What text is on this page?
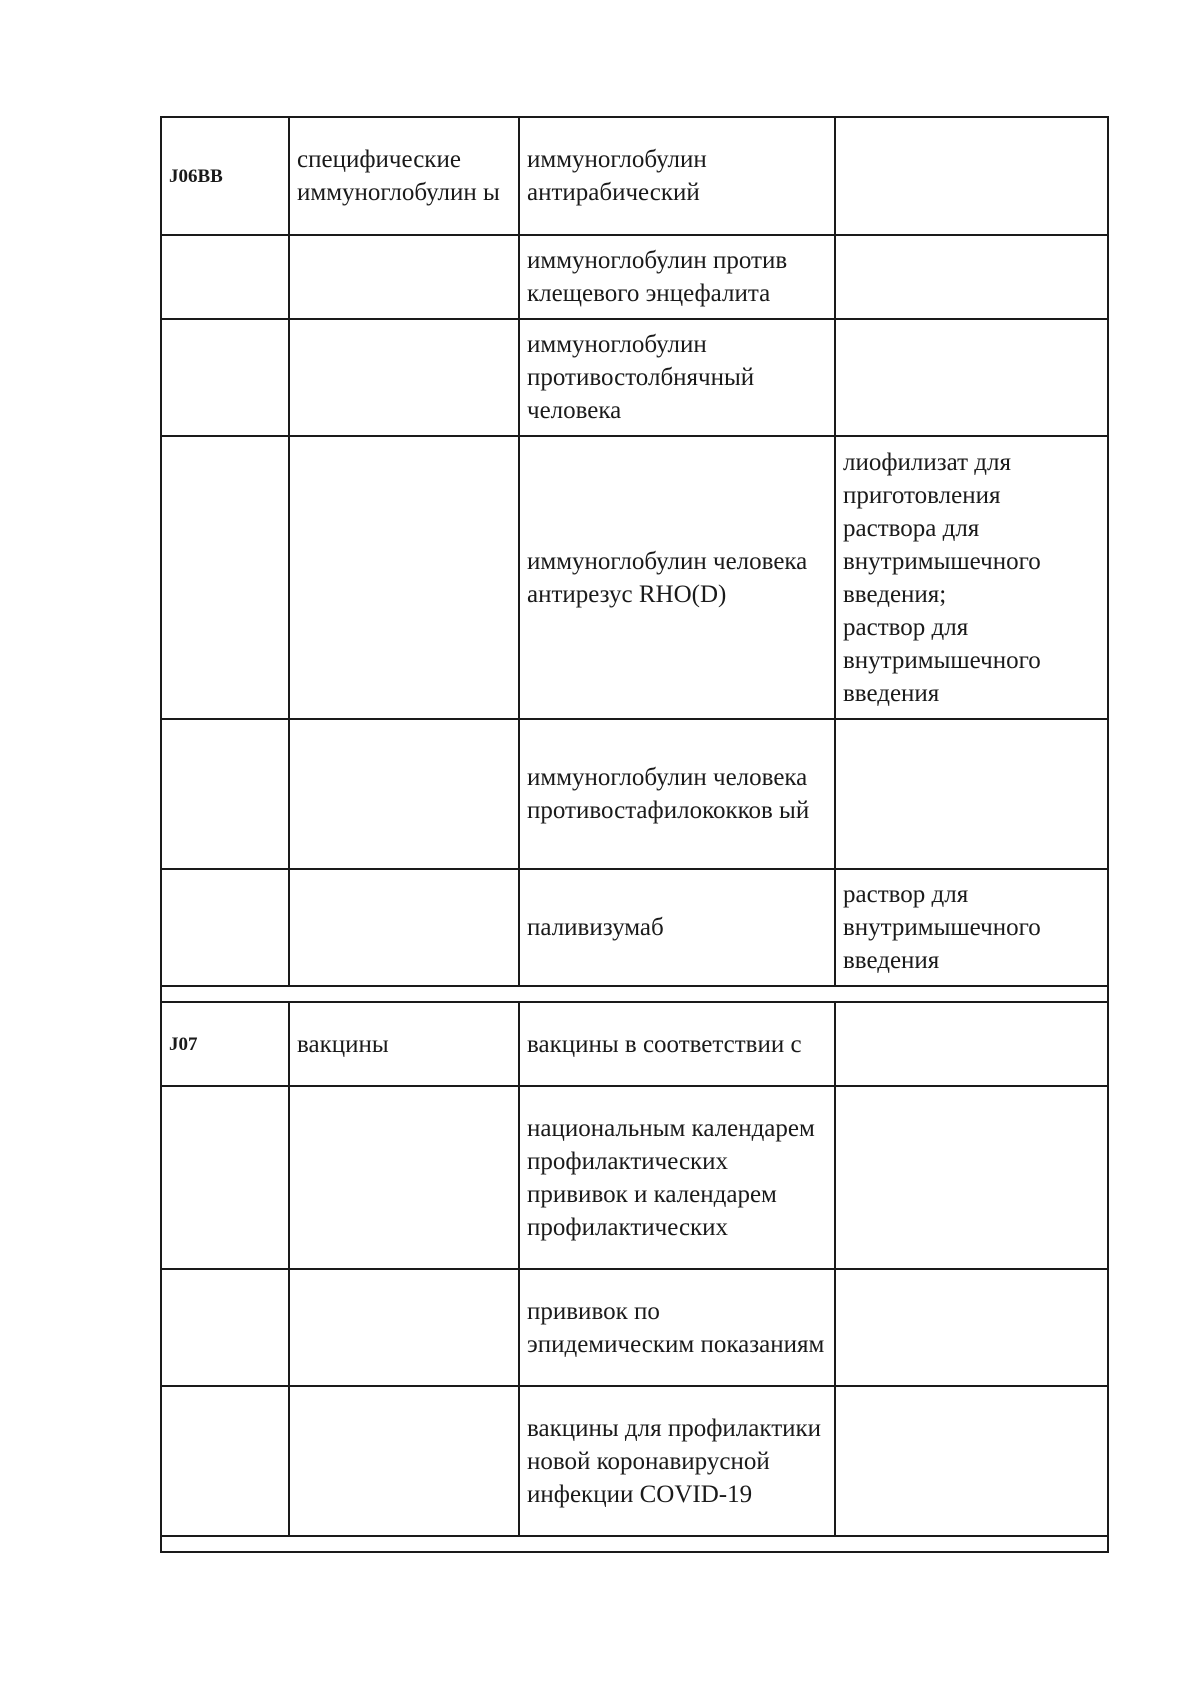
J06BB	специфические иммуноглобулин ы	иммуноглобулин антирабический	
		иммуноглобулин против клещевого энцефалита	
		иммуноглобулин противостолбнячный человека	
		иммуноглобулин человека антирезус RHO(D)	лиофилизат для приготовления раствора для внутримышечного введения;
раствор для внутримышечного введения

		иммуноглобулин человека противостафилококков ый	
		паливизумаб	раствор для внутримышечного введения

J07	вакцины	вакцины в соответствии с	
		национальным календарем профилактических прививок и календарем профилактических	
		прививок по эпидемическим показаниям	
		вакцины для профилактики новой коронавирусной инфекции COVID-19	
